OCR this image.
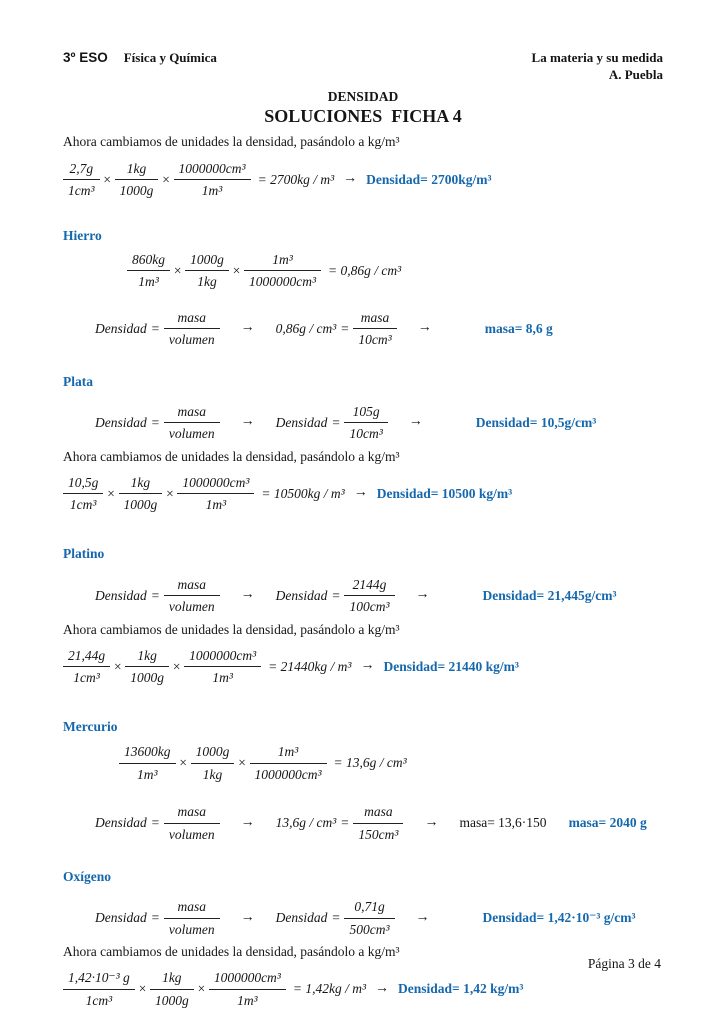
3º ESO Física y Química	La materia y su medida
A. Puebla
DENSIDAD
SOLUCIONES  FICHA 4
Ahora cambiamos de unidades la densidad, pasándolo a kg/m³
$\frac{2,7g}{\text{1cm³}} \times \frac{1kg}{1000g} \times \frac{\text{1000000cm³}}{\text{1m³}} = 2700kg / m^3$ → Densidad= 2700kg/m³
Hierro
$\frac{860kg}{\text{1m³}} \times \frac{1000g}{1kg} \times \frac{\text{1m³}}{\text{1000000cm³}} = 0,86g / cm^3$
Densidad = $\frac{\text{masa}}{\text{volumen}} \to 0,86g / cm^3 = \frac{\text{masa}}{\text{10cm³}}$ →	masa= 8,6 g
Plata
Densidad = $\frac{\text{masa}}{\text{volumen}}$ → Densidad = $\frac{105g}{\text{10cm³}}$ →	Densidad= 10,5g/cm³
Ahora cambiamos de unidades la densidad, pasándolo a kg/m³
$\frac{10,5g}{\text{1cm³}} \times \frac{1kg}{1000g} \times \frac{\text{1000000cm³}}{\text{1m³}} = 10500kg / m^3$ → Densidad= 10500 kg/m³
Platino
Densidad = $\frac{\text{masa}}{\text{volumen}}$ → Densidad = $\frac{2144g}{\text{100cm³}}$ →	Densidad= 21,445g/cm³
Ahora cambiamos de unidades la densidad, pasándolo a kg/m³
$\frac{21,44g}{\text{1cm³}} \times \frac{1kg}{1000g} \times \frac{\text{1000000cm³}}{\text{1m³}} = 21440kg / m^3$ → Densidad= 21440 kg/m³
Mercurio
$\frac{13600kg}{\text{1m³}} \times \frac{1000g}{1kg} \times \frac{\text{1m³}}{\text{1000000cm³}} = 13,6g / cm^3$
Densidad = $\frac{\text{masa}}{\text{volumen}} \to 13,6g / cm^3 = \frac{\text{masa}}{\text{150cm³}}$ → masa= 13,6·150 masa= 2040 g
Oxígeno
Densidad = $\frac{\text{masa}}{\text{volumen}}$ → Densidad = $\frac{0,71g}{\text{500cm³}}$ →	Densidad= 1,42·10⁻³ g/cm³
Ahora cambiamos de unidades la densidad, pasándolo a kg/m³
$\frac{\text{1,42·10⁻³ g}}{\text{1cm³}} \times \frac{1kg}{1000g} \times \frac{\text{1000000cm³}}{\text{1m³}} = 1,42kg / m^3$ → Densidad= 1,42 kg/m³
Página 3 de 4
